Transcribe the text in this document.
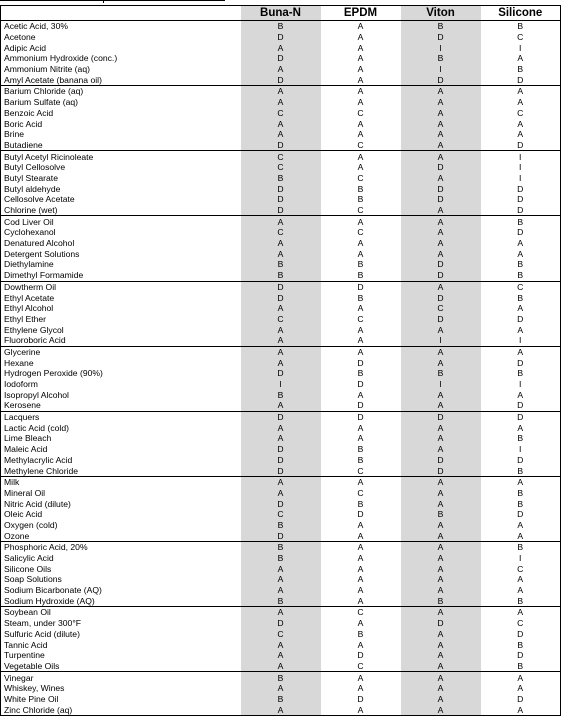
	Buna-N	EPDM	Viton	Silicone
Acetic Acid, 30%	B	A	B	B
Acetone	D	A	D	C
Adipic Acid	A	A	I	I
Ammonium Hydroxide (conc.)	D	A	B	A
Ammonium Nitrite (aq)	A	A	I	B
Amyl Acetate (banana oil)	D	A	D	D
Barium Chloride (aq)	A	A	A	A
Barium Sulfate (aq)	A	A	A	A
Benzoic Acid	C	C	A	C
Boric Acid	A	A	A	A
Brine	A	A	A	A
Butadiene	D	C	A	D
Butyl Acetyl Ricinoleate	C	A	A	I
Butyl Cellosolve	C	A	D	I
Butyl Stearate	B	C	A	I
Butyl aldehyde	D	B	D	D
Cellosolve Acetate	D	B	D	D
Chlorine (wet)	D	C	A	D
Cod Liver Oil	A	A	A	B
Cyclohexanol	C	C	A	D
Denatured Alcohol	A	A	A	A
Detergent Solutions	A	A	A	A
Diethylamine	B	B	D	B
Dimethyl Formamide	B	B	D	B
Dowtherm Oil	D	D	A	C
Ethyl Acetate	D	B	D	B
Ethyl Alcohol	A	A	C	A
Ethyl Ether	C	C	D	D
Ethylene Glycol	A	A	A	A
Fluoroboric Acid	A	A	I	I
Glycerine	A	A	A	A
Hexane	A	D	A	D
Hydrogen Peroxide (90%)	D	B	B	B
Iodoform	I	D	I	I
Isopropyl Alcohol	B	A	A	A
Kerosene	A	D	A	D
Lacquers	D	D	D	D
Lactic Acid (cold)	A	A	A	A
Lime Bleach	A	A	A	B
Maleic Acid	D	B	A	I
Methylacrylic Acid	D	B	D	D
Methylene Chloride	D	C	D	B
Milk	A	A	A	A
Mineral Oil	A	C	A	B
Nitric Acid (dilute)	D	B	A	B
Oleic Acid	C	D	B	D
Oxygen (cold)	B	A	A	A
Ozone	D	A	A	A
Phosphoric Acid, 20%	B	A	A	B
Salicylic Acid	B	A	A	I
Silicone Oils	A	A	A	C
Soap Solutions	A	A	A	A
Sodium Bicarbonate (AQ)	A	A	A	A
Sodium Hydroxide (AQ)	B	A	B	B
Soybean Oil	A	C	A	A
Steam, under 300°F	D	A	D	C
Sulfuric Acid (dilute)	C	B	A	D
Tannic Acid	A	A	A	B
Turpentine	A	D	A	D
Vegetable Oils	A	C	A	B
Vinegar	B	A	A	A
Whiskey, Wines	A	A	A	A
White Pine Oil	B	D	A	D
Zinc Chloride (aq)	A	A	A	A
